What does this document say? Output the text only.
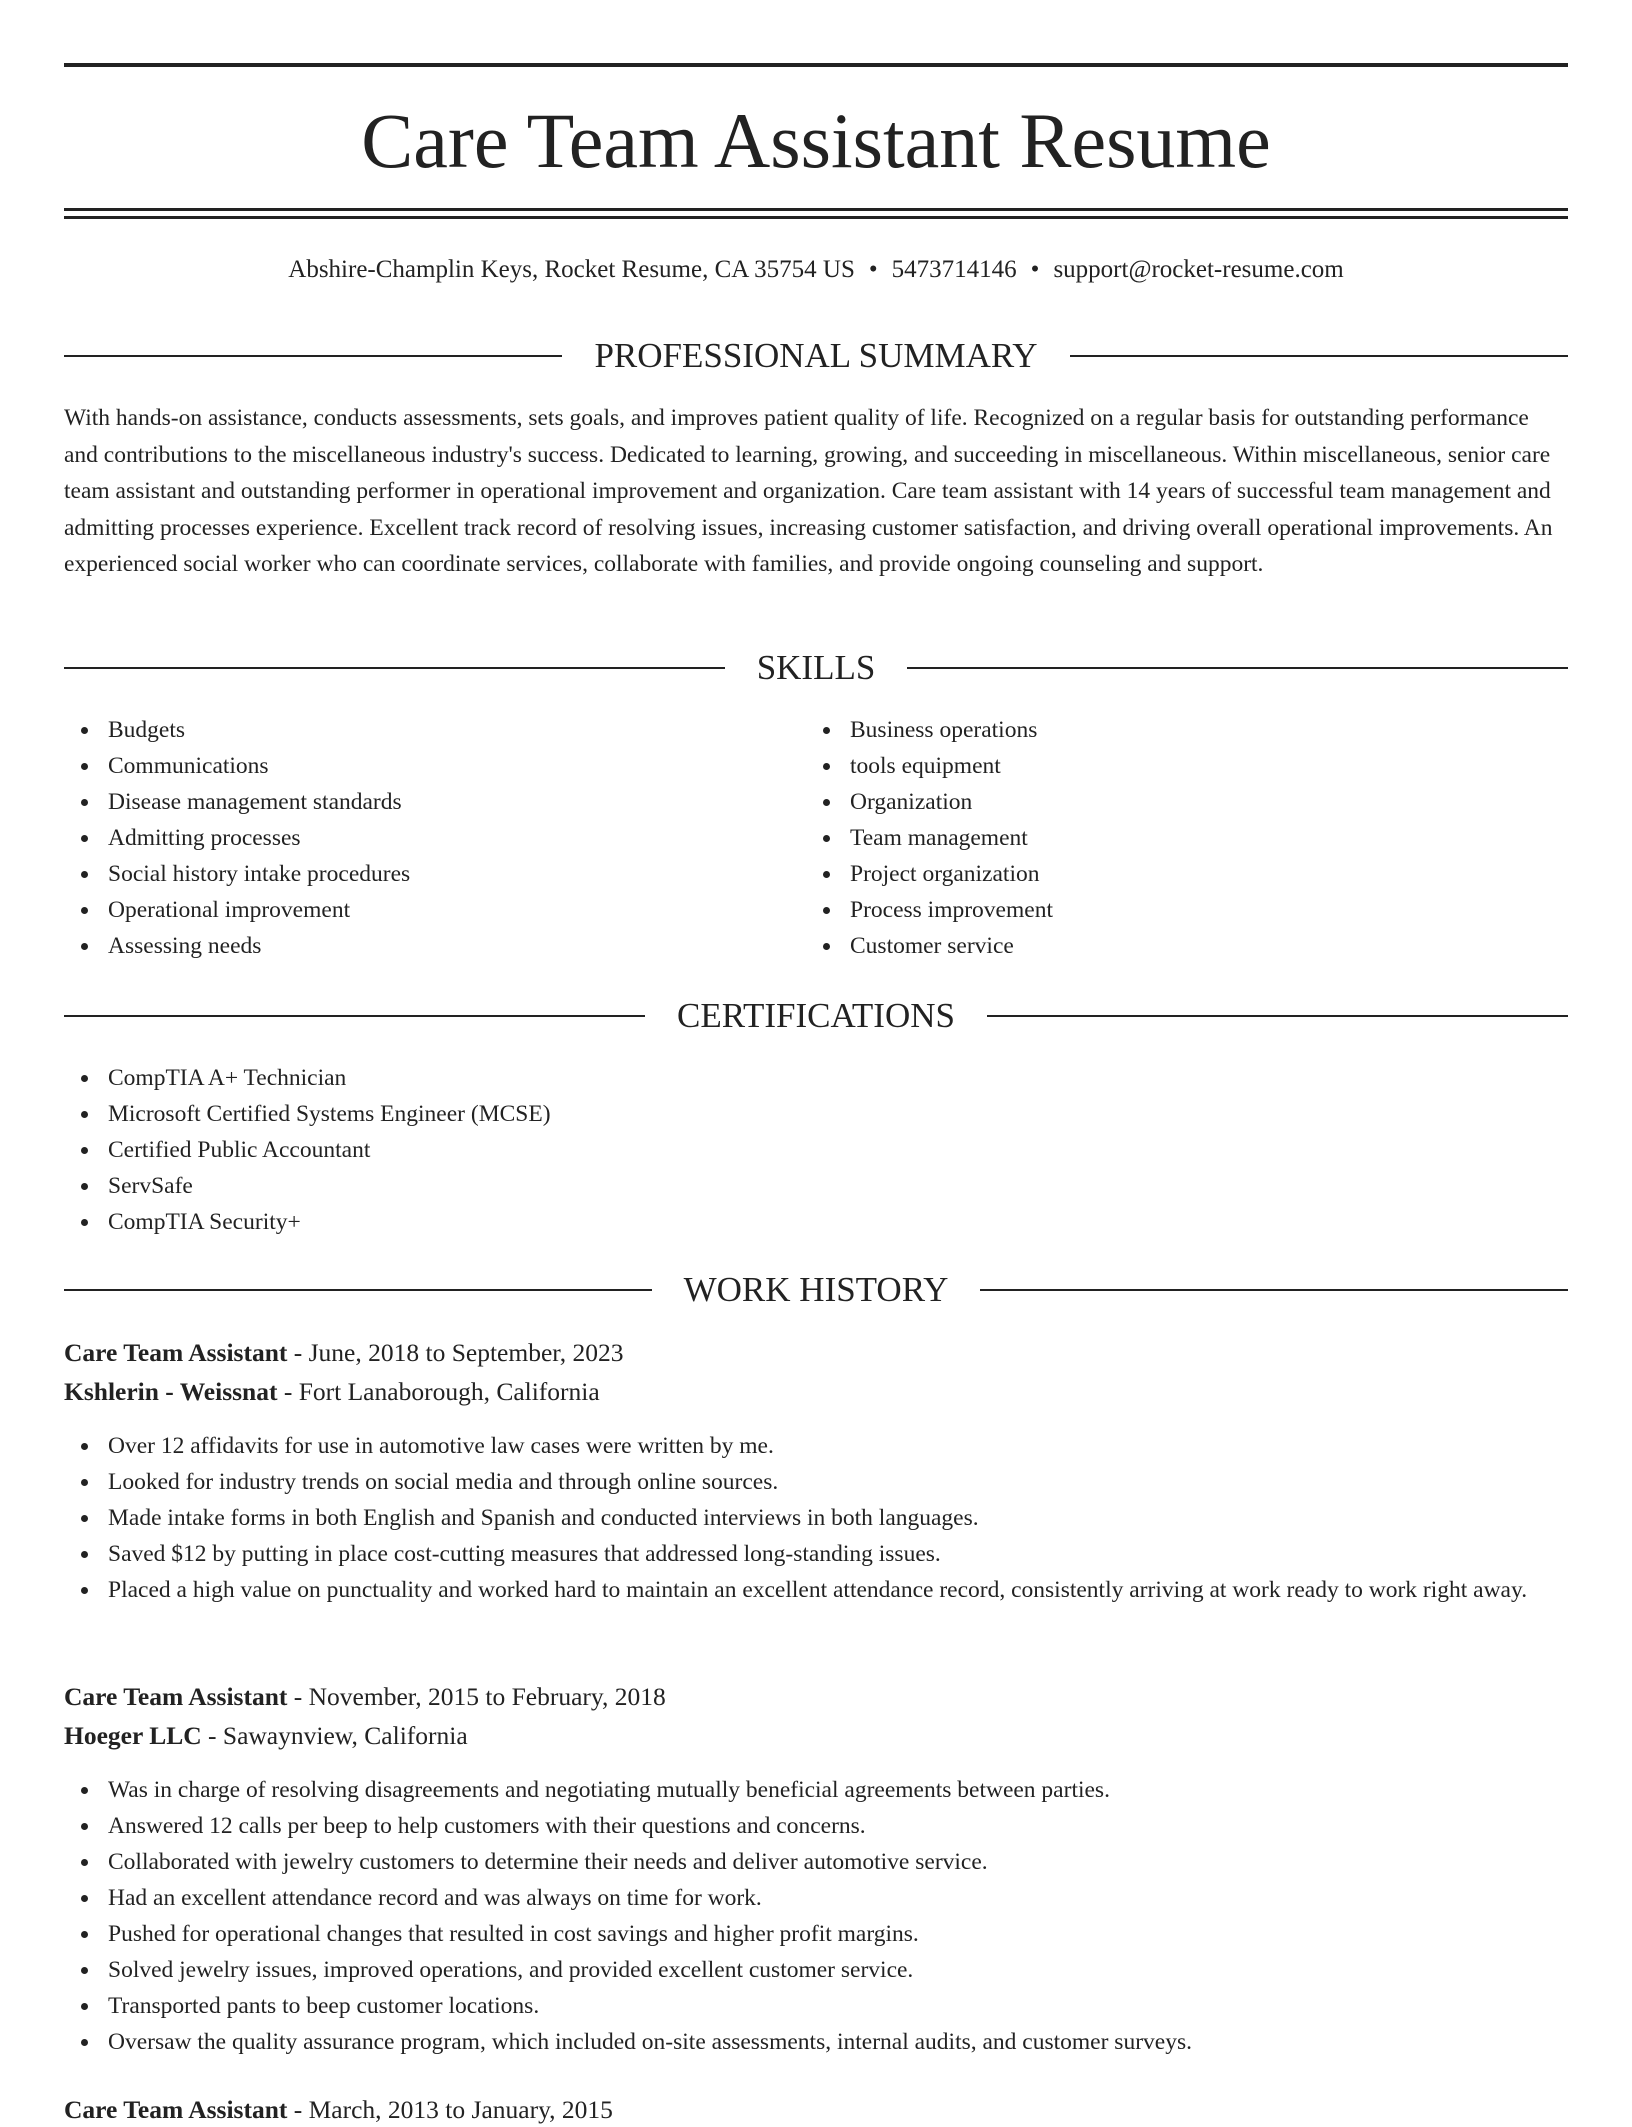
Care Team Assistant Resume
Abshire-Champlin Keys, Rocket Resume, CA 35754 US • 5473714146 • support@rocket-resume.com
PROFESSIONAL SUMMARY

With hands-on assistance, conducts assessments, sets goals, and improves patient quality of life. Recognized on a regular basis for outstanding performance and contributions to the miscellaneous industry's success. Dedicated to learning, growing, and succeeding in miscellaneous. Within miscellaneous, senior care team assistant and outstanding performer in operational improvement and organization. Care team assistant with 14 years of successful team management and admitting processes experience. Excellent track record of resolving issues, increasing customer satisfaction, and driving overall operational improvements. An experienced social worker who can coordinate services, collaborate with families, and provide ongoing counseling and support.

SKILLS
Budgets
Communications
Disease management standards
Admitting processes
Social history intake procedures
Operational improvement
Assessing needs
Business operations
tools equipment
Organization
Team management
Project organization
Process improvement
Customer service
CERTIFICATIONS
CompTIA A+ Technician
Microsoft Certified Systems Engineer (MCSE)
Certified Public Accountant
ServSafe
CompTIA Security+
WORK HISTORY
Care Team Assistant - June, 2018 to September, 2023
Kshlerin - Weissnat - Fort Lanaborough, California
Over 12 affidavits for use in automotive law cases were written by me.
Looked for industry trends on social media and through online sources.
Made intake forms in both English and Spanish and conducted interviews in both languages.
Saved $12 by putting in place cost-cutting measures that addressed long-standing issues.
Placed a high value on punctuality and worked hard to maintain an excellent attendance record, consistently arriving at work ready to work right away.
Care Team Assistant - November, 2015 to February, 2018
Hoeger LLC - Sawaynview, California
Was in charge of resolving disagreements and negotiating mutually beneficial agreements between parties.
Answered 12 calls per beep to help customers with their questions and concerns.
Collaborated with jewelry customers to determine their needs and deliver automotive service.
Had an excellent attendance record and was always on time for work.
Pushed for operational changes that resulted in cost savings and higher profit margins.
Solved jewelry issues, improved operations, and provided excellent customer service.
Transported pants to beep customer locations.
Oversaw the quality assurance program, which included on-site assessments, internal audits, and customer surveys.
Care Team Assistant - March, 2013 to January, 2015
